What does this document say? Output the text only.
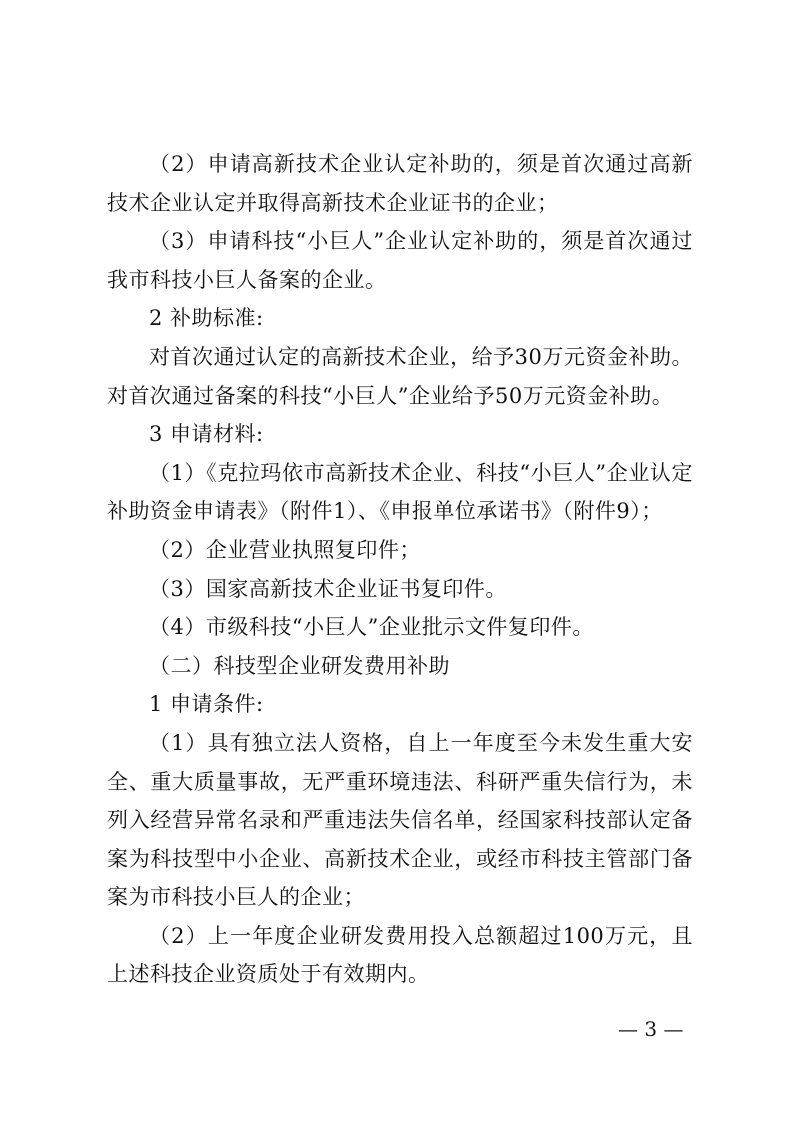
（2）申请高新技术企业认定补助的，须是首次通过高新技术企业认定并取得高新技术企业证书的企业；

（3）申请科技“小巨人”企业认定补助的，须是首次通过我市科技小巨人备案的企业。

2 补助标准:

对首次通过认定的高新技术企业，给予30万元资金补助。对首次通过备案的科技“小巨人”企业给予50万元资金补助。

3 申请材料:

（1）《克拉玛依市高新技术企业、科技“小巨人”企业认定补助资金申请表》（附件1）、《申报单位承诺书》（附件9）；

（2）企业营业执照复印件；

（3）国家高新技术企业证书复印件。

（4）市级科技“小巨人”企业批示文件复印件。

（二）科技型企业研发费用补助

1 申请条件:

（1）具有独立法人资格，自上一年度至今未发生重大安全、重大质量事故，无严重环境违法、科研严重失信行为，未列入经营异常名录和严重违法失信名单，经国家科技部认定备案为科技型中小企业、高新技术企业，或经市科技主管部门备案为市科技小巨人的企业；

（2）上一年度企业研发费用投入总额超过100万元，且上述科技企业资质处于有效期内。

— 3 —
